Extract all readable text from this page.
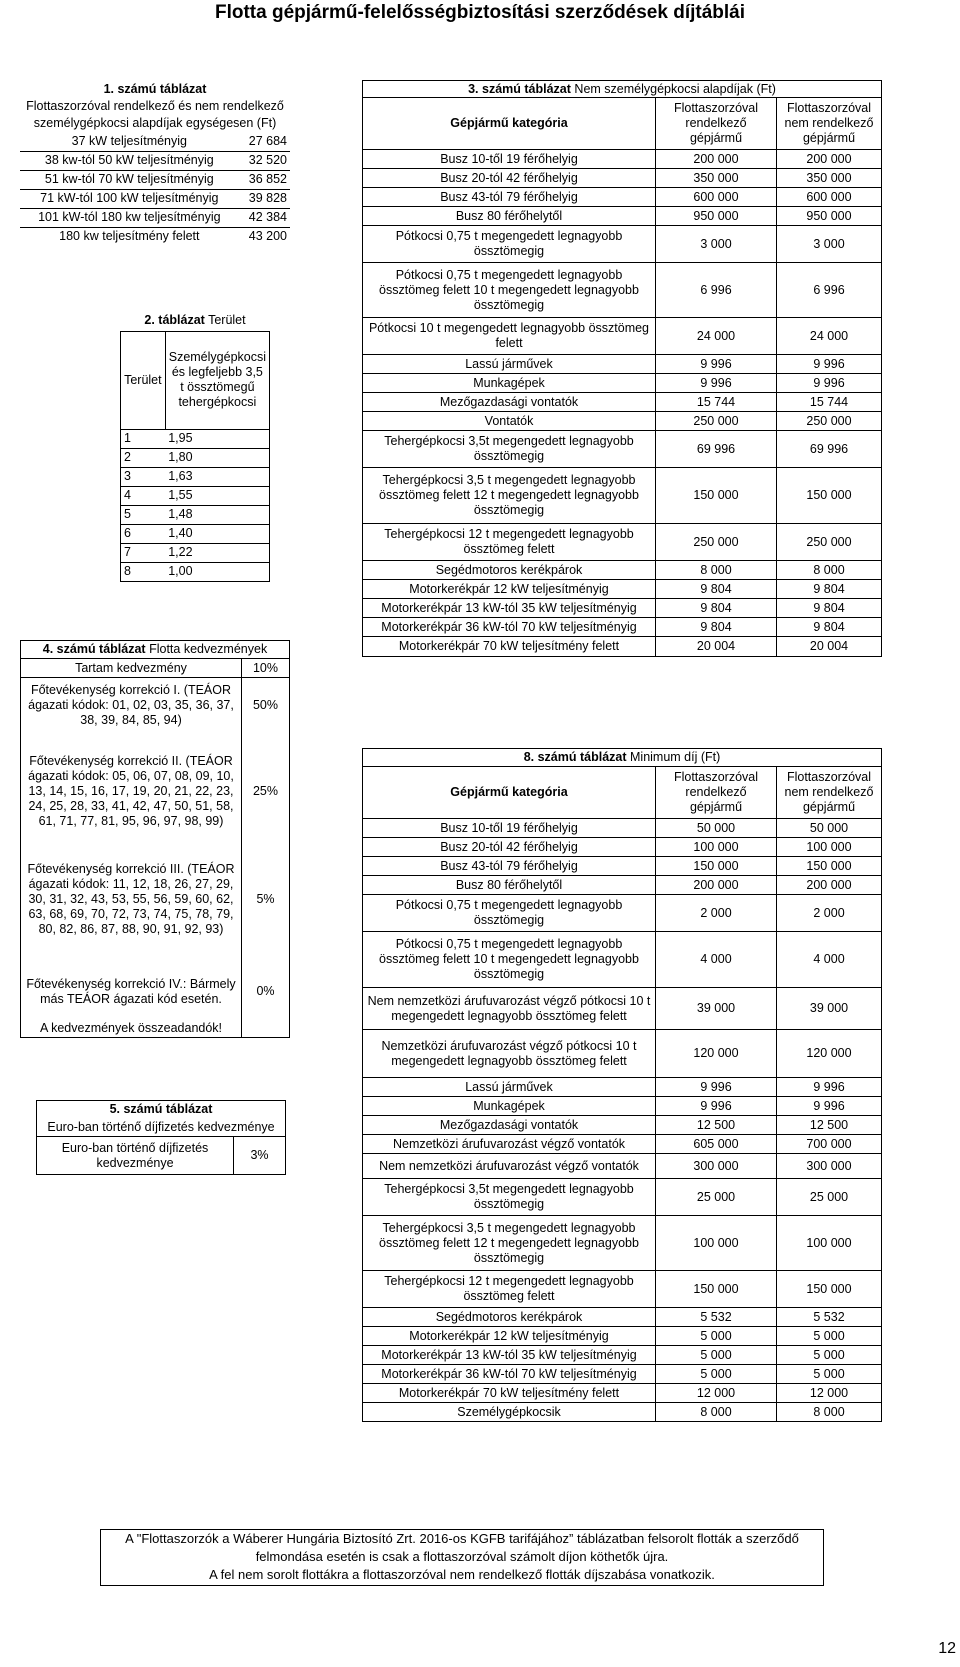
Flotta gépjármű-felelősségbiztosítási szerződések díjtáblái
1. számú táblázat	
Flottaszorzóval rendelkező és nem rendelkező	
személygépkocsi alapdíjak egységesen (Ft)	
37 kW teljesítményig	27 684
38 kw-tól 50 kW teljesítményig	32 520
51 kw-tól 70 kW teljesítményig	36 852
71 kW-tól 100 kW teljesítményig	39 828
101 kW-tól 180 kw teljesítményig	42 384
180 kw teljesítmény felett	43 200
2. táblázat Terület	
Terület	Személygépkocsi és legfeljebb 3,5 t össztömegű tehergépkocsi
1	1,95
2	1,80
3	1,63
4	1,55
5	1,48
6	1,40
7	1,22
8	1,00
3. számú táblázat Nem személygépkocsi alapdíjak (Ft)		
Gépjármű kategória	Flottaszorzóval rendelkező gépjármű	Flottaszorzóval nem rendelkező gépjármű
Busz 10-től 19 férőhelyig	200 000	200 000
Busz 20-tól 42 férőhelyig	350 000	350 000
Busz 43-tól 79 férőhelyig	600 000	600 000
Busz 80 férőhelytől	950 000	950 000
Pótkocsi 0,75 t megengedett legnagyobb össztömegig	3 000	3 000
Pótkocsi 0,75 t megengedett legnagyobb össztömeg felett 10 t megengedett legnagyobb össztömegig	6 996	6 996
Pótkocsi 10 t megengedett legnagyobb össztömeg felett	24 000	24 000
Lassú járművek	9 996	9 996
Munkagépek	9 996	9 996
Mezőgazdasági vontatók	15 744	15 744
Vontatók	250 000	250 000
Tehergépkocsi 3,5t megengedett legnagyobb össztömegig	69 996	69 996
Tehergépkocsi 3,5 t megengedett legnagyobb össztömeg felett 12 t megengedett legnagyobb össztömegig	150 000	150 000
Tehergépkocsi 12 t megengedett legnagyobb össztömeg felett	250 000	250 000
Segédmotoros kerékpárok	8 000	8 000
Motorkerékpár 12 kW teljesítményig	9 804	9 804
Motorkerékpár 13 kW-tól 35 kW teljesítményig	9 804	9 804
Motorkerékpár 36 kW-tól 70 kW teljesítményig	9 804	9 804
Motorkerékpár 70 kW teljesítmény felett	20 004	20 004
4. számú táblázat Flotta kedvezmények	
Tartam kedvezmény	10%
Főtevékenység korrekció I. (TEÁOR ágazati kódok: 01, 02, 03, 35, 36, 37, 38, 39, 84, 85, 94)	50%

Főtevékenység korrekció II. (TEÁOR ágazati kódok: 05, 06, 07, 08, 09, 10, 13, 14, 15, 16, 17, 19, 20, 21, 22, 23, 24, 25, 28, 33, 41, 42, 47, 50, 51, 58, 61, 71, 77, 81, 95, 96, 97, 98, 99)	25%

Főtevékenység korrekció III. (TEÁOR ágazati kódok: 11, 12, 18, 26, 27, 29, 30, 31, 32, 43, 53, 55, 56, 59, 60, 62, 63, 68, 69, 70, 72, 73, 74, 75, 78, 79, 80, 82, 86, 87, 88, 90, 91, 92, 93)	5%

Főtevékenység korrekció IV.: Bármely más TEÁOR ágazati kód esetén.	0%
A kedvezmények összeadandók!	
5. számú táblázat
Euro-ban történő díjfizetés kedvezménye
Euro-ban történő díjfizetés kedvezménye	3%
8. számú táblázat Minimum díj (Ft)		
Gépjármű kategória	Flottaszorzóval rendelkező gépjármű	Flottaszorzóval nem rendelkező gépjármű
Busz 10-től 19 férőhelyig	50 000	50 000
Busz 20-tól 42 férőhelyig	100 000	100 000
Busz 43-tól 79 férőhelyig	150 000	150 000
Busz 80 férőhelytől	200 000	200 000
Pótkocsi 0,75 t megengedett legnagyobb össztömegig	2 000	2 000
Pótkocsi 0,75 t megengedett legnagyobb össztömeg felett 10 t megengedett legnagyobb össztömegig	4 000	4 000
Nem nemzetközi árufuvarozást végző pótkocsi 10 t megengedett legnagyobb össztömeg felett	39 000	39 000
Nemzetközi árufuvarozást végző pótkocsi 10 t megengedett legnagyobb össztömeg felett	120 000	120 000
Lassú járművek	9 996	9 996
Munkagépek	9 996	9 996
Mezőgazdasági vontatók	12 500	12 500
Nemzetközi árufuvarozást végző vontatók	605 000	700 000
Nem nemzetközi árufuvarozást végző vontatók	300 000	300 000
Tehergépkocsi 3,5t megengedett legnagyobb össztömegig	25 000	25 000
Tehergépkocsi 3,5 t megengedett legnagyobb össztömeg felett 12 t megengedett legnagyobb össztömegig	100 000	100 000
Tehergépkocsi 12 t megengedett legnagyobb össztömeg felett	150 000	150 000
Segédmotoros kerékpárok	5 532	5 532
Motorkerékpár 12 kW teljesítményig	5 000	5 000
Motorkerékpár 13 kW-tól 35 kW teljesítményig	5 000	5 000
Motorkerékpár 36 kW-tól 70 kW teljesítményig	5 000	5 000
Motorkerékpár 70 kW teljesítmény felett	12 000	12 000
Személygépkocsik	8 000	8 000
A "Flottaszorzók a Wáberer Hungária Biztosító Zrt. 2016-os KGFB tarifájához” táblázatban felsorolt flották a szerződő
felmondása esetén is csak a flottaszorzóval számolt díjon köthetők újra.
A fel nem sorolt flottákra a flottaszorzóval nem rendelkező flották díjszabása vonatkozik.
12
